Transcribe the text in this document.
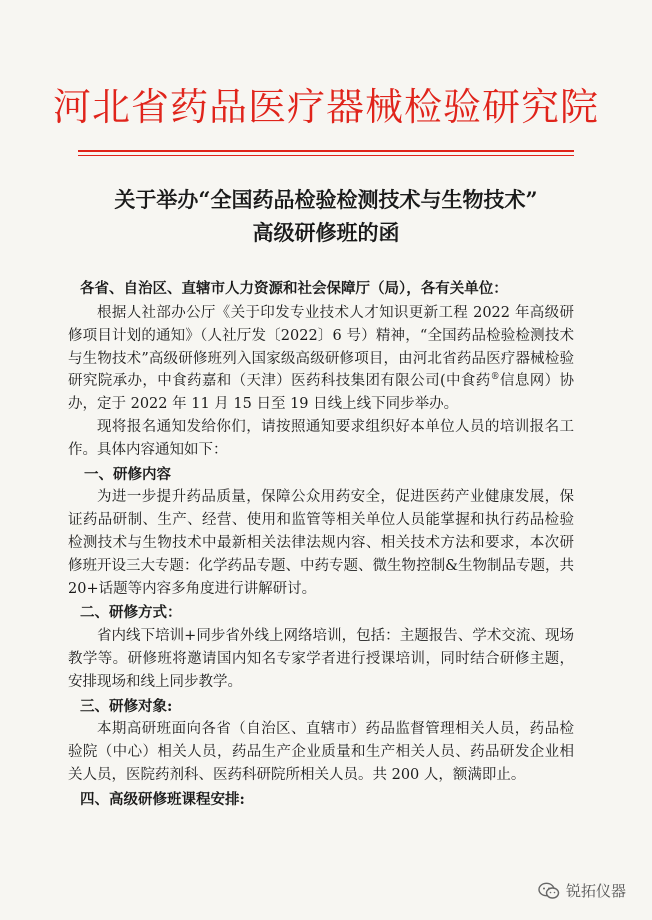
河北省药品医疗器械检验研究院
关于举办“全国药品检验检测技术与生物技术”
高级研修班的函
各省、自治区、直辖市人力资源和社会保障厅（局），各有关单位：

根据人社部办公厅《关于印发专业技术人才知识更新工程 2022 年高级研修项目计划的通知》（人社厅发〔2022〕6 号）精神，“全国药品检验检测技术与生物技术”高级研修班列入国家级高级研修项目，由河北省药品医疗器械检验研究院承办，中食药嘉和（天津）医药科技集团有限公司(中食药®信息网）协办，定于 2022 年 11 月 15 日至 19 日线上线下同步举办。

现将报名通知发给你们，请按照通知要求组织好本单位人员的培训报名工作。具体内容通知如下：

一、研修内容

为进一步提升药品质量，保障公众用药安全，促进医药产业健康发展，保证药品研制、生产、经营、使用和监管等相关单位人员能掌握和执行药品检验检测技术与生物技术中最新相关法律法规内容、相关技术方法和要求，本次研修班开设三大专题：化学药品专题、中药专题、微生物控制&生物制品专题，共 20+话题等内容多角度进行讲解研讨。

二、研修方式：

省内线下培训+同步省外线上网络培训，包括：主题报告、学术交流、现场教学等。研修班将邀请国内知名专家学者进行授课培训，同时结合研修主题，安排现场和线上同步教学。

三、研修对象:

本期高研班面向各省（自治区、直辖市）药品监督管理相关人员，药品检验院（中心）相关人员，药品生产企业质量和生产相关人员、药品研发企业相关人员，医院药剂科、医药科研院所相关人员。共 200 人，额满即止。

四、高级研修班课程安排:

锐拓仪器
